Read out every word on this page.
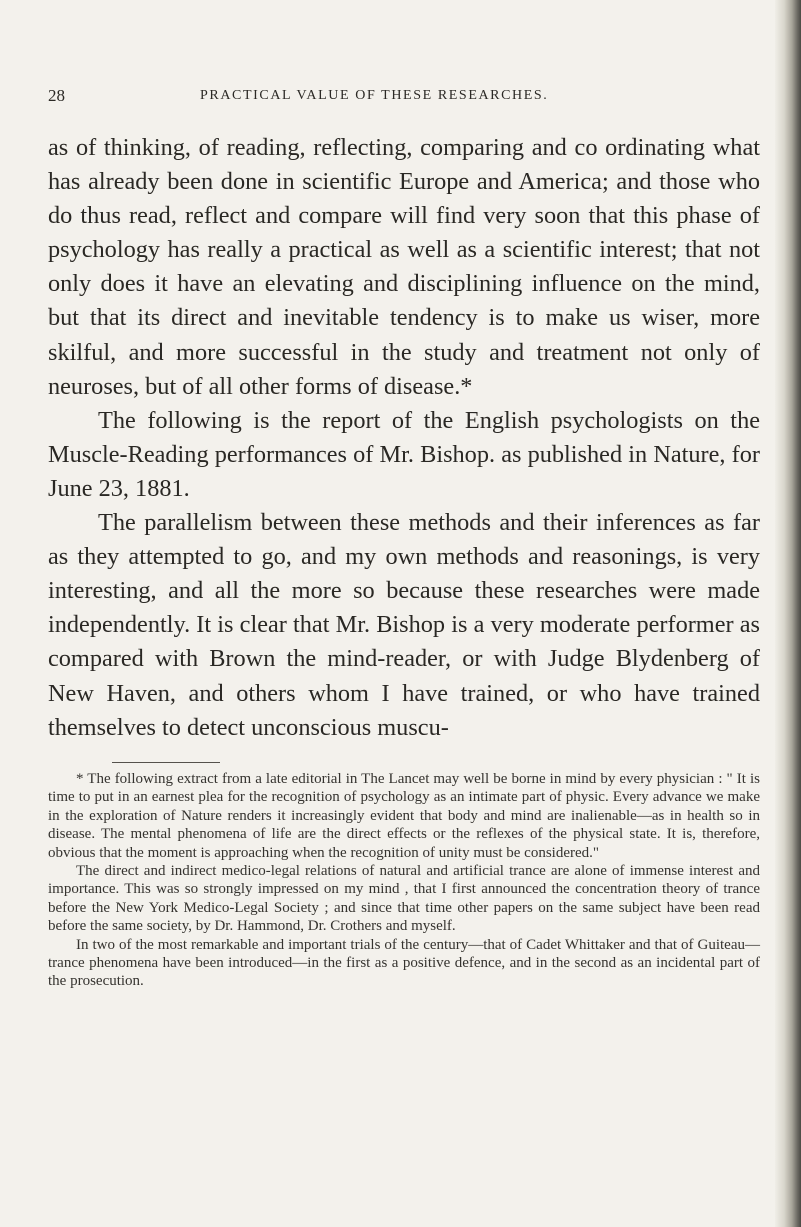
28	PRACTICAL VALUE OF THESE RESEARCHES.

as of thinking, of reading, reflecting, comparing and co ordinating what has already been done in scientific Europe and America; and those who do thus read, reflect and compare will find very soon that this phase of psychology has really a practical as well as a scientific interest; that not only does it have an elevating and disciplining influence on the mind, but that its direct and inevitable tendency is to make us wiser, more skilful, and more successful in the study and treatment not only of neuroses, but of all other forms of disease.*

The following is the report of the English psychologists on the Muscle-Reading performances of Mr. Bishop. as published in Nature, for June 23, 1881.

The parallelism between these methods and their inferences as far as they attempted to go, and my own methods and reasonings, is very interesting, and all the more so because these researches were made independently. It is clear that Mr. Bishop is a very moderate performer as compared with Brown the mind-reader, or with Judge Blydenberg of New Haven, and others whom I have trained, or who have trained themselves to detect unconscious muscu-

* The following extract from a late editorial in The Lancet may well be borne in mind by every physician : " It is time to put in an earnest plea for the recognition of psychology as an intimate part of physic. Every advance we make in the exploration of Nature renders it increasingly evident that body and mind are inalienable—as in health so in disease. The mental phenomena of life are the direct effects or the reflexes of the physical state. It is, therefore, obvious that the moment is approaching when the recognition of unity must be considered."

The direct and indirect medico-legal relations of natural and artificial trance are alone of immense interest and importance. This was so strongly impressed on my mind , that I first announced the concentration theory of trance before the New York Medico-Legal Society ; and since that time other papers on the same subject have been read before the same society, by Dr. Hammond, Dr. Crothers and myself.

In two of the most remarkable and important trials of the century—that of Cadet Whittaker and that of Guiteau—trance phenomena have been introduced—in the first as a positive defence, and in the second as an incidental part of the prosecution.
